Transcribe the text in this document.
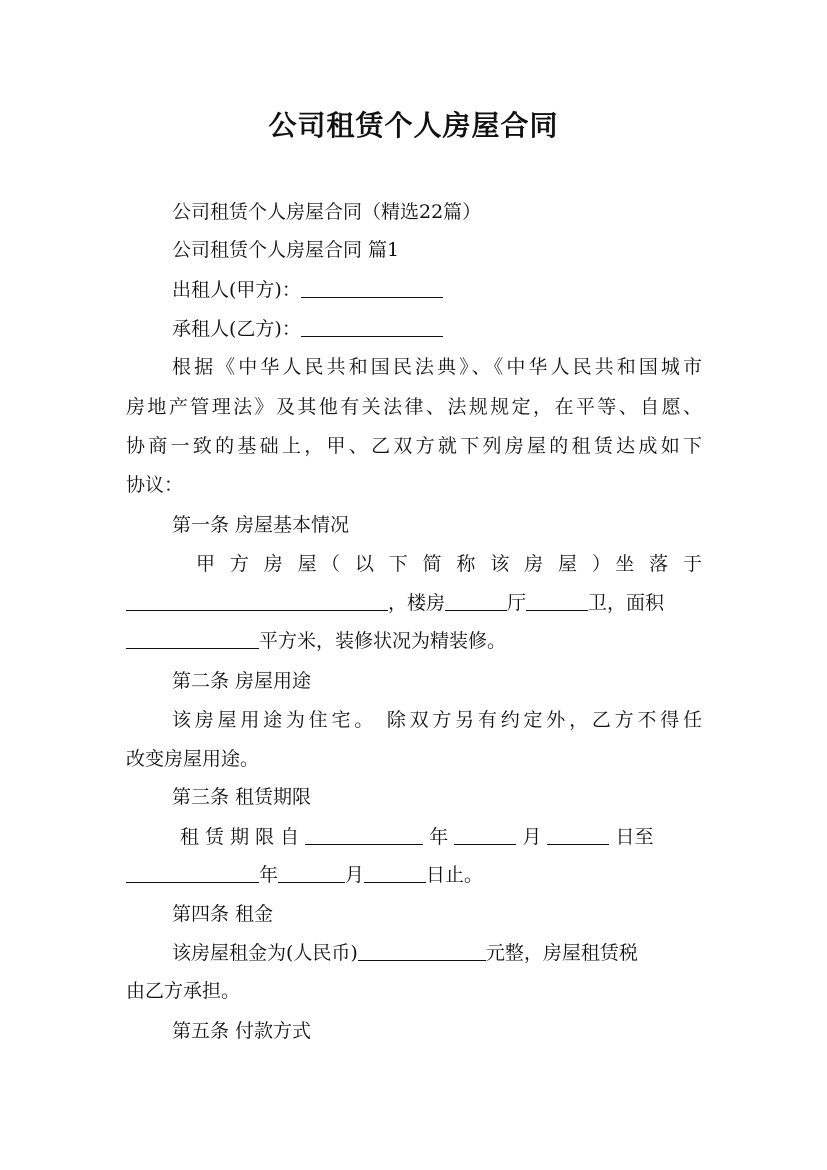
公司租赁个人房屋合同
公司租赁个人房屋合同（精选22篇）
公司租赁个人房屋合同 篇1
出租人(甲方)：
承租人(乙方)：
根据《中华人民共和国民法典》、《中华人民共和国城市
房地产管理法》及其他有关法律、法规规定，在平等、自愿、
协商一致的基础上，甲、乙双方就下列房屋的租赁达成如下
协议：
第一条 房屋基本情况
甲 方 房 屋（ 以 下 简 称 该 房 屋 ）坐 落 于
，楼房	厅	卫，面积
平方米，装修状况为精装修。
第二条 房屋用途
该房屋用途为住宅。 除双方另有约定外，乙方不得任
改变房屋用途。
第三条 租赁期限
租 赁 期 限 自	年	月	日至
年	月	日止。
第四条 租金
该房屋租金为(人民币)	元整，房屋租赁税
由乙方承担。
第五条 付款方式
